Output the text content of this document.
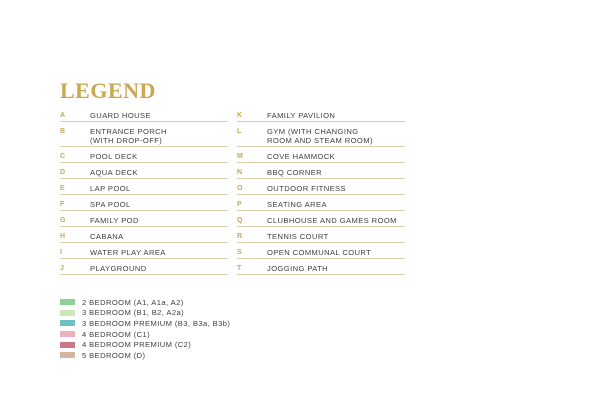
LEGEND
A	GUARD HOUSE
B	ENTRANCE PORCH
(WITH DROP-OFF)
C	POOL DECK
D	AQUA DECK
E	LAP POOL
F	SPA POOL
G	FAMILY POD
H	CABANA
I	WATER PLAY AREA
J	PLAYGROUND
K	FAMILY PAVILION
L	GYM (WITH CHANGING
ROOM AND STEAM ROOM)
M	COVE HAMMOCK
N	BBQ CORNER
O	OUTDOOR FITNESS
P	SEATING AREA
Q	CLUBHOUSE AND GAMES ROOM
R	TENNIS COURT
S	OPEN COMMUNAL COURT
T	JOGGING PATH
2 BEDROOM (A1, A1a, A2)
3 BEDROOM (B1, B2, A2a)
3 BEDROOM PREMIUM (B3, B3a, B3b)
4 BEDROOM (C1)
4 BEDROOM PREMIUM (C2)
5 BEDROOM (D)
